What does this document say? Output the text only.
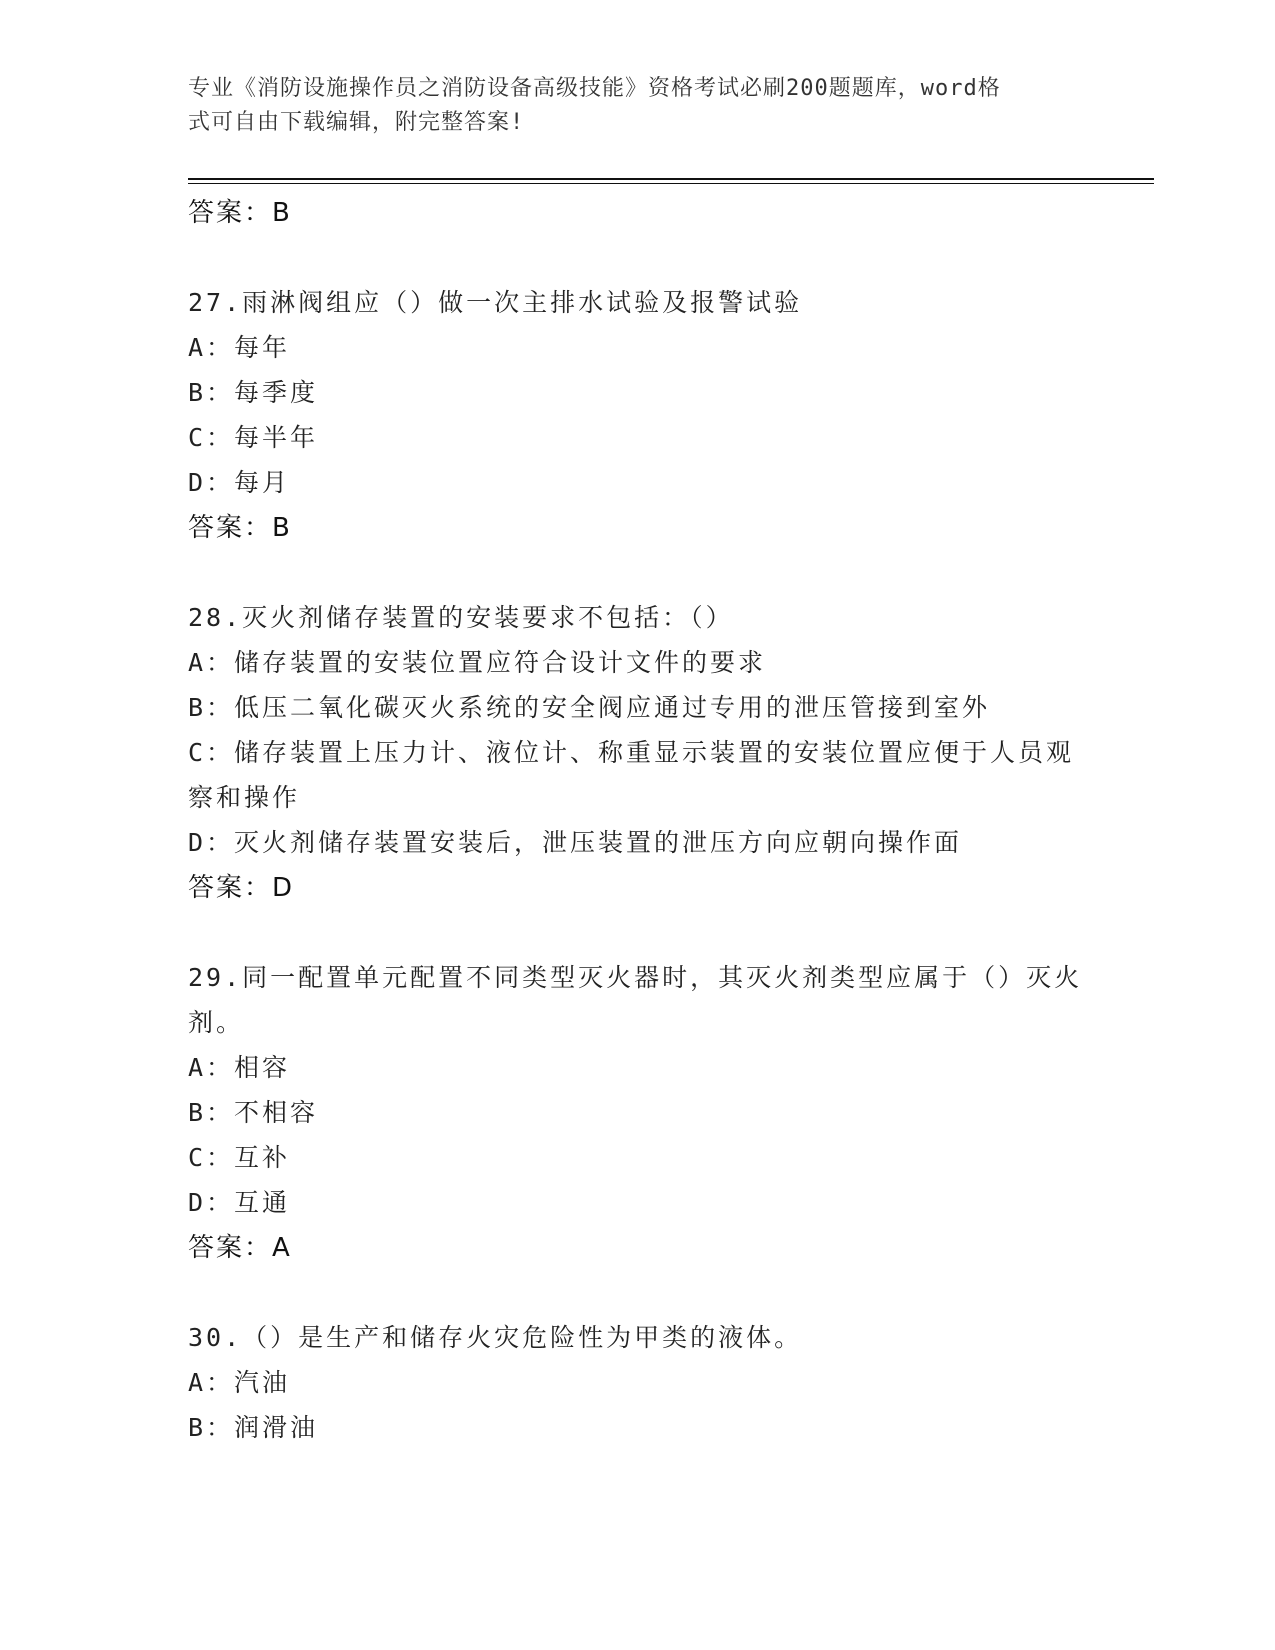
专业《消防设施操作员之消防设备高级技能》资格考试必刷200题题库，word格
式可自由下载编辑，附完整答案!
答案：B
27.雨淋阀组应（）做一次主排水试验及报警试验
A：每年
B：每季度
C：每半年
D：每月
答案：B
28.灭火剂储存装置的安装要求不包括：（）
A：储存装置的安装位置应符合设计文件的要求
B：低压二氧化碳灭火系统的安全阀应通过专用的泄压管接到室外
C：储存装置上压力计、液位计、称重显示装置的安装位置应便于人员观察和操作
D：灭火剂储存装置安装后，泄压装置的泄压方向应朝向操作面
答案：D
29.同一配置单元配置不同类型灭火器时，其灭火剂类型应属于（）灭火剂。
A：相容
B：不相容
C：互补
D：互通
答案：A
30.（）是生产和储存火灾危险性为甲类的液体。
A：汽油
B：润滑油
